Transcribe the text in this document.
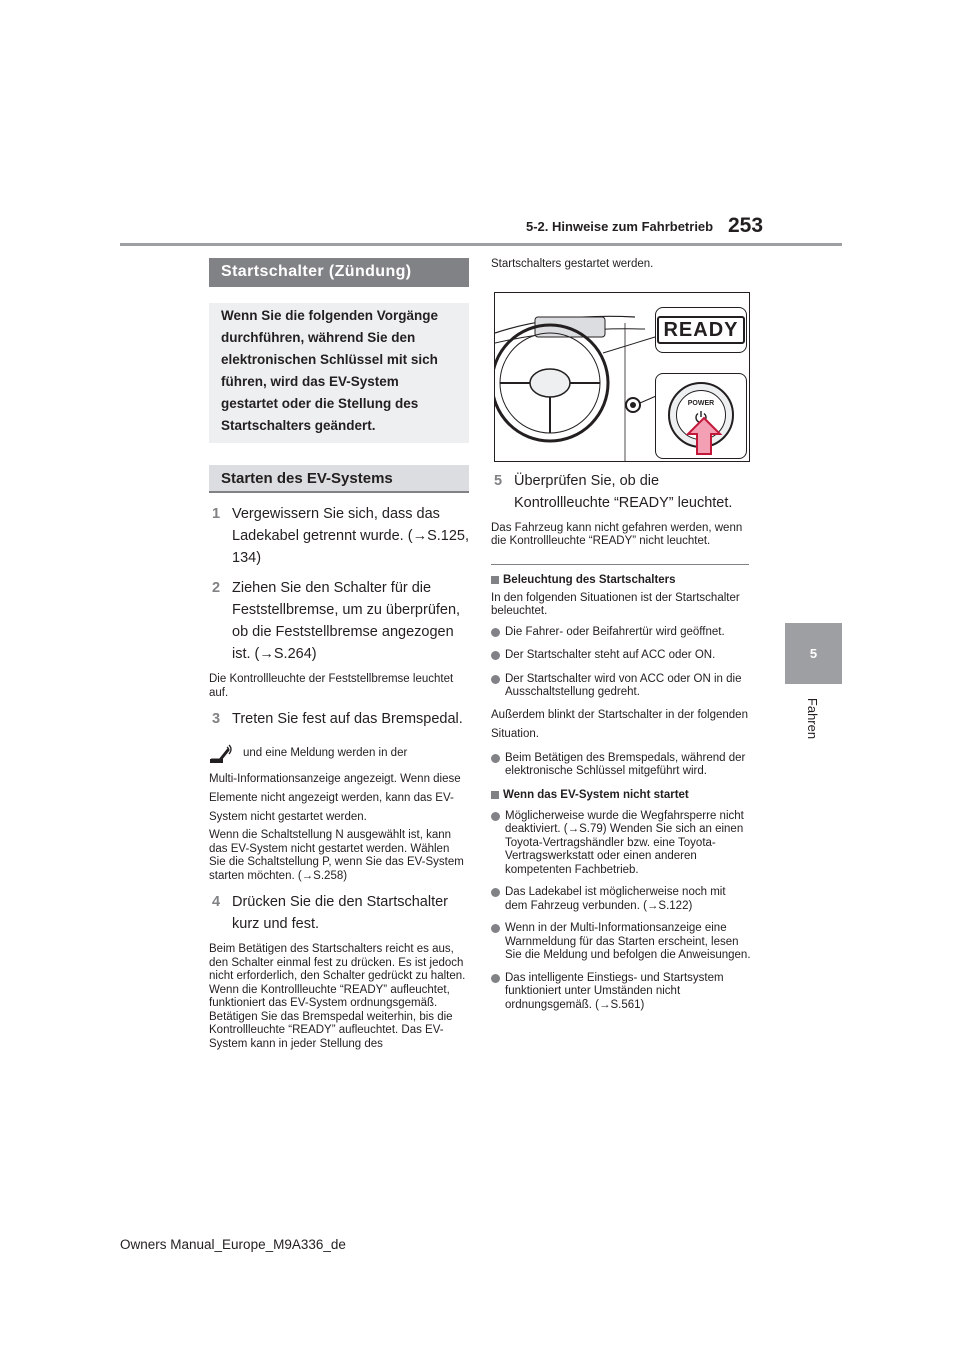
253
5-2. Hinweise zum Fahrbetrieb
5
Fahren
Startschalter (Zündung)
Wenn Sie die folgenden Vorgänge durchführen, während Sie den elektronischen Schlüssel mit sich führen, wird das EV-System gestartet oder die Stellung des Startschalters geändert.
Starten des EV-Systems
1 Vergewissern Sie sich, dass das Ladekabel getrennt wurde. (→S.125, 134)
2 Ziehen Sie den Schalter für die Feststellbremse, um zu überprüfen, ob die Feststellbremse angezogen ist. (→S.264)
Die Kontrollleuchte der Feststellbremse leuchtet auf.
3 Treten Sie fest auf das Bremspedal.
und eine Meldung werden in der
Multi-Informationsanzeige angezeigt. Wenn diese Elemente nicht angezeigt werden, kann das EV-System nicht gestartet werden.
Wenn die Schaltstellung N ausgewählt ist, kann das EV-System nicht gestartet werden. Wählen Sie die Schaltstellung P, wenn Sie das EV-System starten möchten. (→S.258)
4 Drücken Sie die den Startschalter kurz und fest.
Beim Betätigen des Startschalters reicht es aus, den Schalter einmal fest zu drücken. Es ist jedoch nicht erforderlich, den Schalter gedrückt zu halten. Wenn die Kontrollleuchte “READY” aufleuchtet, funktioniert das EV-System ordnungsgemäß. Betätigen Sie das Bremspedal weiterhin, bis die Kontrollleuchte “READY” aufleuchtet. Das EV-System kann in jeder Stellung des
Startschalters gestartet werden.
READY
POWER
5 Überprüfen Sie, ob die Kontrollleuchte “READY” leuchtet.
Das Fahrzeug kann nicht gefahren werden, wenn die Kontrollleuchte “READY” nicht leuchtet.
Beleuchtung des Startschalters
In den folgenden Situationen ist der Startschalter beleuchtet.
Die Fahrer- oder Beifahrertür wird geöffnet.
Der Startschalter steht auf ACC oder ON.
Der Startschalter wird von ACC oder ON in die Ausschaltstellung gedreht.
Außerdem blinkt der Startschalter in der folgenden Situation.
Beim Betätigen des Bremspedals, während der elektronische Schlüssel mitgeführt wird.
Wenn das EV-System nicht startet
Möglicherweise wurde die Wegfahrsperre nicht deaktiviert. (→S.79) Wenden Sie sich an einen Toyota-Vertragshändler bzw. eine Toyota-Vertragswerkstatt oder einen anderen kompetenten Fachbetrieb.
Das Ladekabel ist möglicherweise noch mit dem Fahrzeug verbunden. (→S.122)
Wenn in der Multi-Informationsanzeige eine Warnmeldung für das Starten erscheint, lesen Sie die Meldung und befolgen die Anweisungen.
Das intelligente Einstiegs- und Startsystem funktioniert unter Umständen nicht ordnungsgemäß. (→S.561)
Owners Manual_Europe_M9A336_de
